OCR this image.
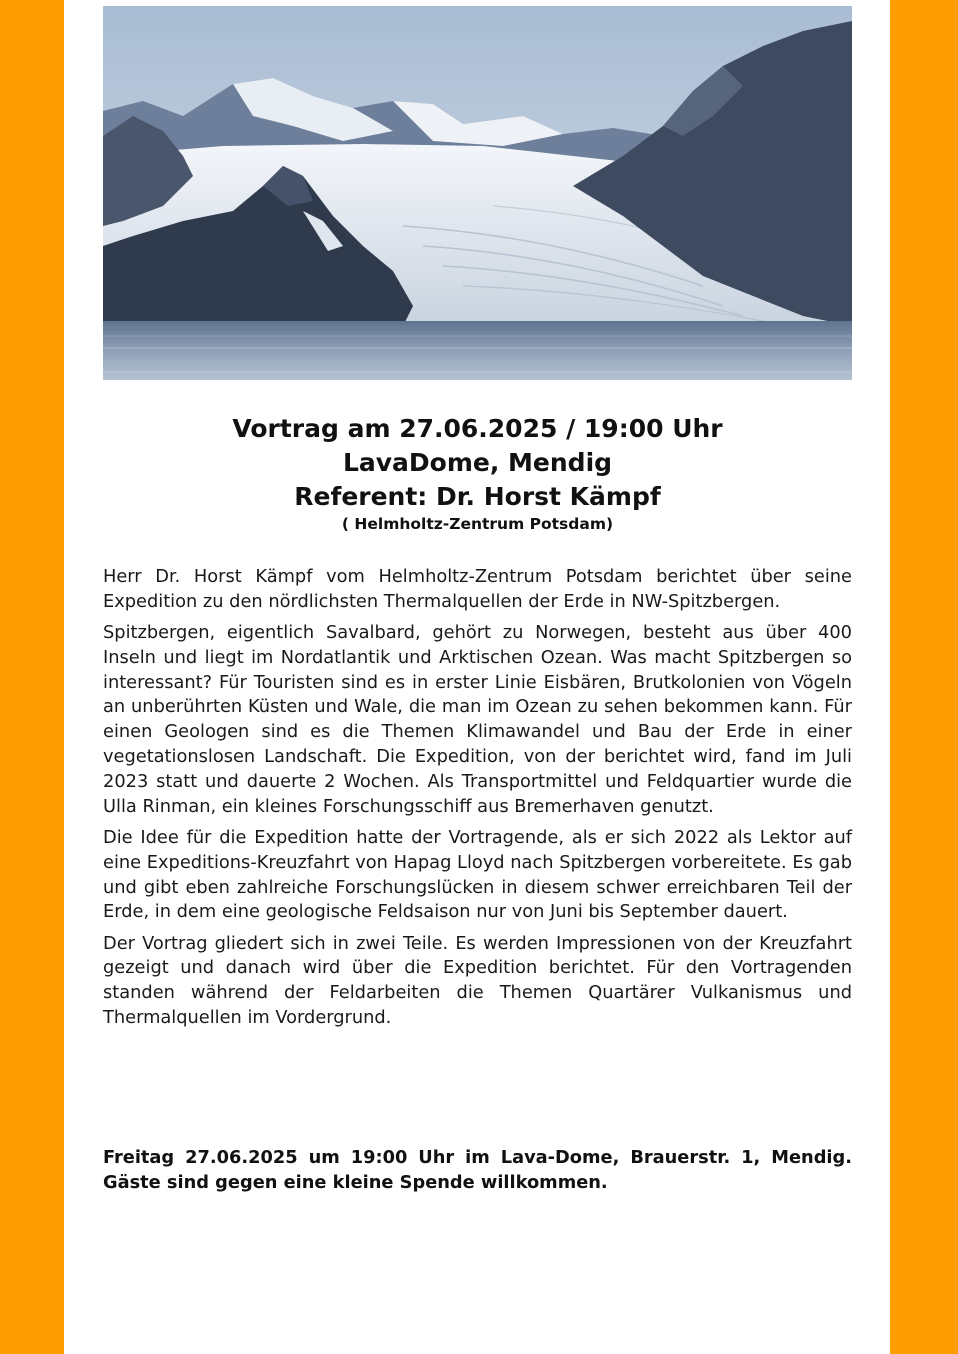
Vortrag am 27.06.2025 / 19:00 Uhr

LavaDome, Mendig

Referent: Dr. Horst Kämpf

( Helmholtz-Zentrum Potsdam)

Herr Dr. Horst Kämpf vom Helmholtz-Zentrum Potsdam berichtet über seine Expedition zu den nördlichsten Thermalquellen der Erde in NW-Spitzbergen.

Spitzbergen, eigentlich Savalbard, gehört zu Norwegen, besteht aus über 400 Inseln und liegt im Nordatlantik und Arktischen Ozean. Was macht Spitzbergen so interessant? Für Touristen sind es in erster Linie Eisbären, Brutkolonien von Vögeln an unberührten Küsten und Wale, die man im Ozean zu sehen bekommen kann. Für einen Geologen sind es die Themen Klimawandel und Bau der Erde in einer vegetationslosen Landschaft. Die Expedition, von der berichtet wird, fand im Juli 2023 statt und dauerte 2 Wochen. Als Transportmittel und Feldquartier wurde die Ulla Rinman, ein kleines Forschungsschiff aus Bremerhaven genutzt.

Die Idee für die Expedition hatte der Vortragende, als er sich 2022 als Lektor auf eine Expeditions-Kreuzfahrt von Hapag Lloyd nach Spitzbergen vorbereitete. Es gab und gibt eben zahlreiche Forschungslücken in diesem schwer erreichbaren Teil der Erde, in dem eine geologische Feldsaison nur von Juni bis September dauert.

Der Vortrag gliedert sich in zwei Teile. Es werden Impressionen von der Kreuzfahrt gezeigt und danach wird über die Expedition berichtet. Für den Vortragenden standen während der Feldarbeiten die Themen Quartärer Vulkanismus und Thermalquellen im Vordergrund.

Freitag 27.06.2025 um 19:00 Uhr im Lava-Dome, Brauerstr. 1, Mendig. Gäste sind gegen eine kleine Spende willkommen.
